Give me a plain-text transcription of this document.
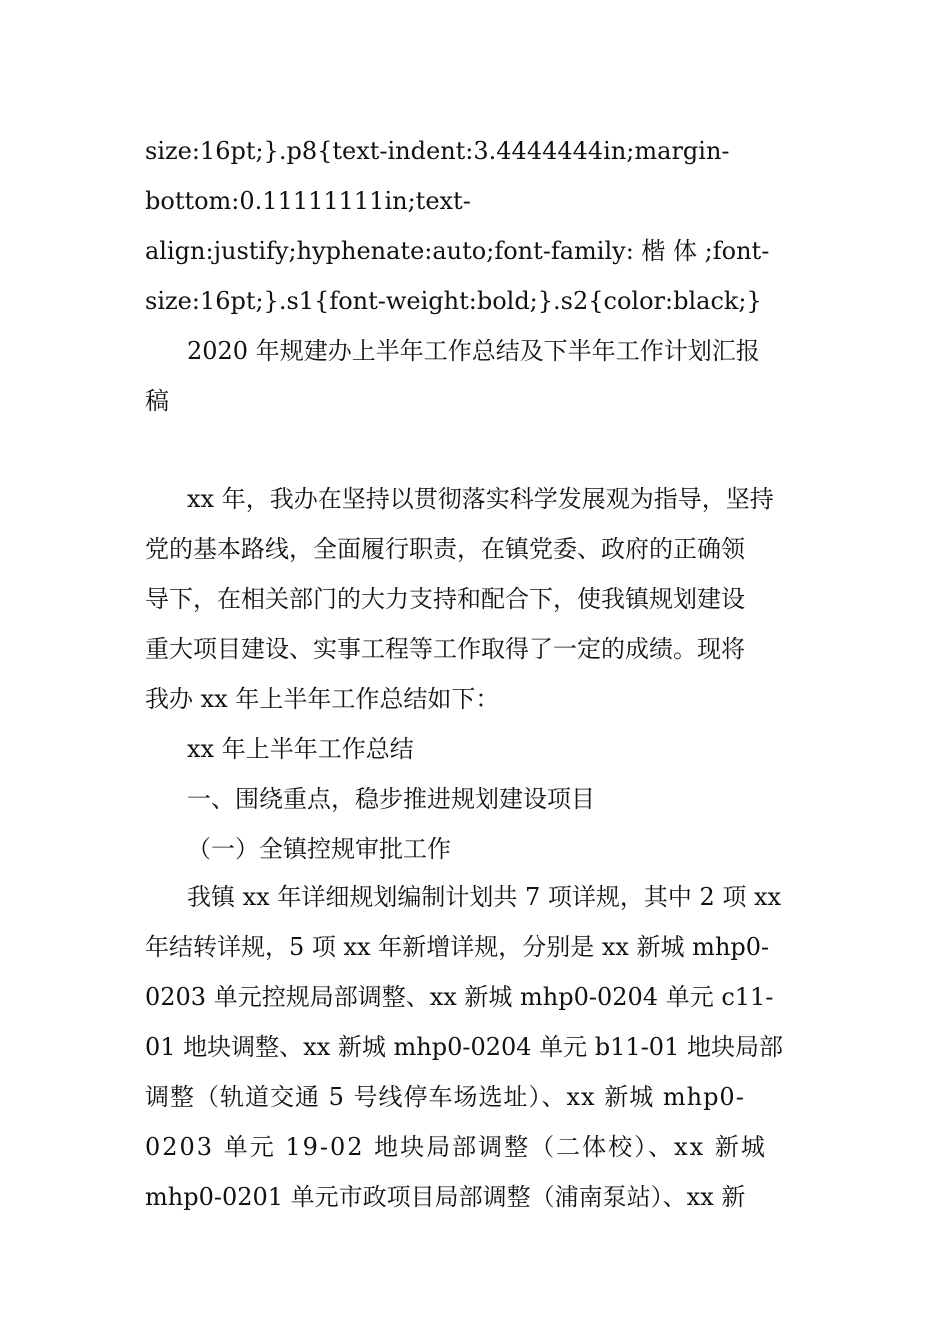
size:16pt;}.p8{text-indent:3.4444444in;margin-
bottom:0.11111111in;text-
align:justify;hyphenate:auto;font-family: 楷 体 ;font-
size:16pt;}.s1{font-weight:bold;}.s2{color:black;}
2020 年规建办上半年工作总结及下半年工作计划汇报
稿
xx 年，我办在坚持以贯彻落实科学发展观为指导，坚持
党的基本路线，全面履行职责，在镇党委、政府的正确领
导下，在相关部门的大力支持和配合下，使我镇规划建设
重大项目建设、实事工程等工作取得了一定的成绩。现将
我办 xx 年上半年工作总结如下：
xx 年上半年工作总结
一、围绕重点，稳步推进规划建设项目
（一）全镇控规审批工作
我镇 xx 年详细规划编制计划共 7 项详规，其中 2 项 xx
年结转详规，5 项 xx 年新增详规，分别是 xx 新城 mhp0-
0203 单元控规局部调整、xx 新城 mhp0-0204 单元 c11-
01 地块调整、xx 新城 mhp0-0204 单元 b11-01 地块局部
调整（轨道交通 5 号线停车场选址）、xx 新城 mhp0-
0203 单元 19-02 地块局部调整（二体校）、xx 新城
mhp0-0201 单元市政项目局部调整（浦南泵站）、xx 新
